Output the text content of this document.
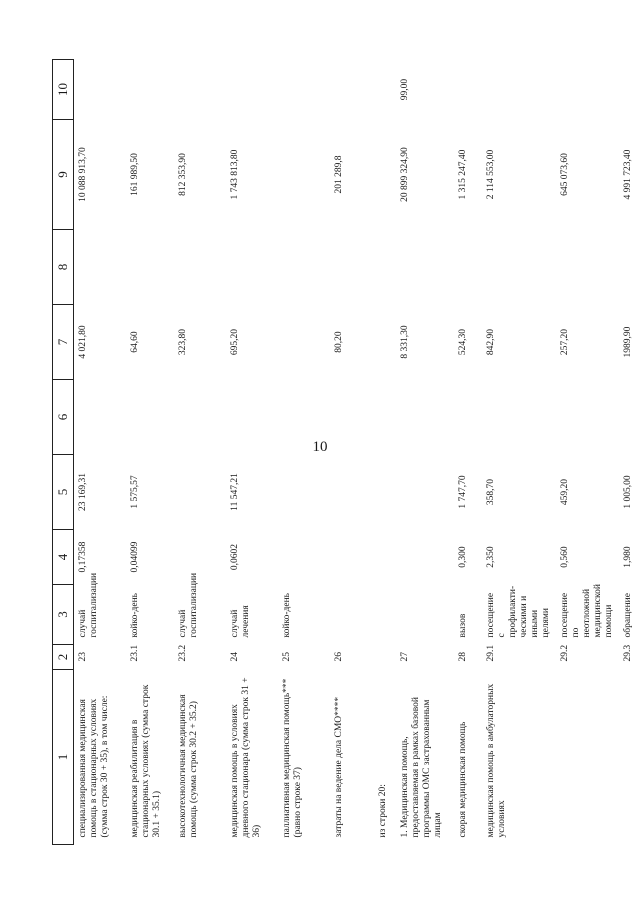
10
1	2	3	4	5	6	7	8	9	10
специализированная медицинская помощь в стационарных условиях (сумма строк 30 + 35), в том числе:	23	случай госпитализации	0,17358	23 169,31		4 021,80		10 088 913,70	
медицинская реабилитация в стационарных условиях (сумма строк 30.1 + 35.1)	23.1	койко-день	0,04099	1 575,57		64,60		161 989,50	
высокотехнологичная медицинская помощь (сумма строк 30.2 + 35.2)	23.2	случай госпитализации				323,80		812 353,90	
медицинская помощь в условиях дневного стационара (сумма строк 31 + 36)	24	случай лечения	0,0602	11 547,21		695,20		1 743 813,80	
паллиативная медицинская помощь*** (равно строке 37)	25	койко-день							
затраты на ведение дела СМО****	26					80,20		201 289,8	
из строки 20:									
1. Медицинская помощь, предоставляемая в рамках базовой программы ОМС застрахованным лицам	27					8 331,30		20 899 324,90	99,00
скорая медицинская помощь	28	вызов	0,300	1 747,70		524,30		1 315 247,40	
медицинская помощь в амбулаторных условиях	29.1	посещение с профилакти-ческими и иными целями	2,350	358,70		842,90		2 114 553,00	
	29.2	посещение по неотложной медицинской помощи	0,560	459,20		257,20		645 073,60	
	29.3	обращение	1,980	1 005,00		1989,90		4 991 723,40	
